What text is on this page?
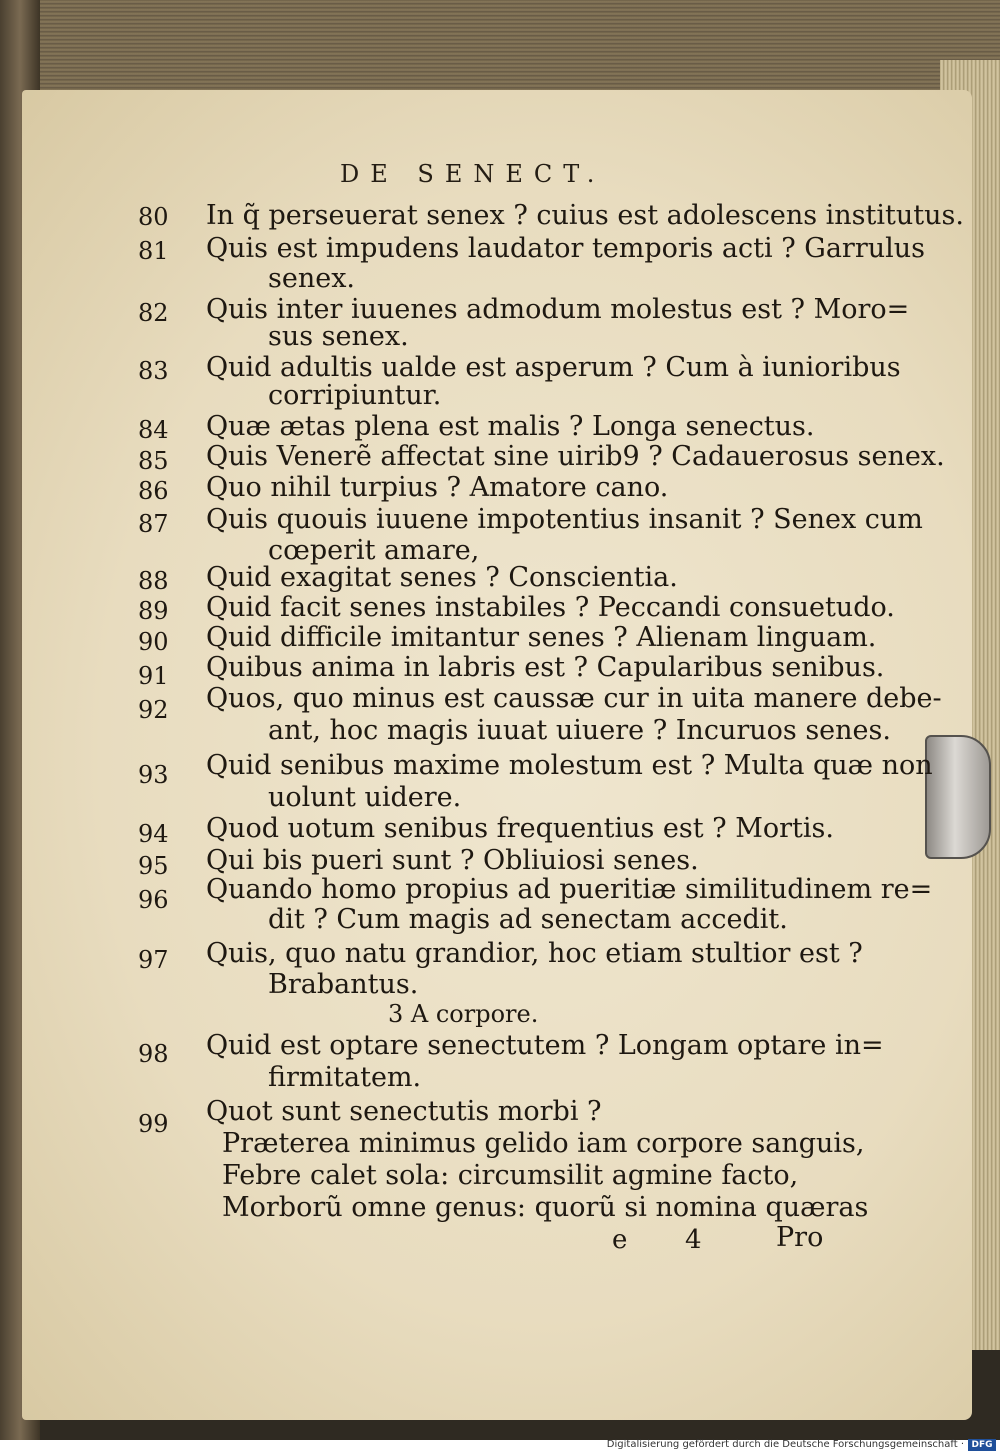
DE SENECT.
80 In q̃ perseuerat senex ? cuius est adolescens institutus.
81 Quis est impudens laudator temporis acti ? Garrulus
senex.
82 Quis inter iuuenes admodum molestus est ? Moro=
sus senex.
83 Quid adultis ualde est asperum ? Cum à iunioribus
corripiuntur.
84 Quæ ætas plena est malis ? Longa senectus.
85 Quis Venerẽ affectat sine uirib9 ? Cadauerosus senex.
86 Quo nihil turpius ? Amatore cano.
87 Quis quouis iuuene impotentius insanit ? Senex cum
cœperit amare,
88 Quid exagitat senes ? Conscientia.
89 Quid facit senes instabiles ? Peccandi consuetudo.
90 Quid difficile imitantur senes ? Alienam linguam.
91 Quibus anima in labris est ? Capularibus senibus.
92 Quos, quo minus est caussæ cur in uita manere debe-
ant, hoc magis iuuat uiuere ? Incuruos senes.
93 Quid senibus maxime molestum est ? Multa quæ non
uolunt uidere.
94 Quod uotum senibus frequentius est ? Mortis.
95 Qui bis pueri sunt ? Obliuiosi senes.
96 Quando homo propius ad pueritiæ similitudinem re=
dit ? Cum magis ad senectam accedit.
97 Quis, quo natu grandior, hoc etiam stultior est ?
Brabantus.
3 A corpore.
98 Quid est optare senectutem ? Longam optare in=
firmitatem.
99 Quot sunt senectutis morbi ?
Præterea minimus gelido iam corpore sanguis,
Febre calet sola: circumsilit agmine facto,
Morborũ omne genus: quorũ si nomina quæras
e 4	Pro
Digitalisierung gefördert durch die Deutsche Forschungsgemeinschaft · DFG
